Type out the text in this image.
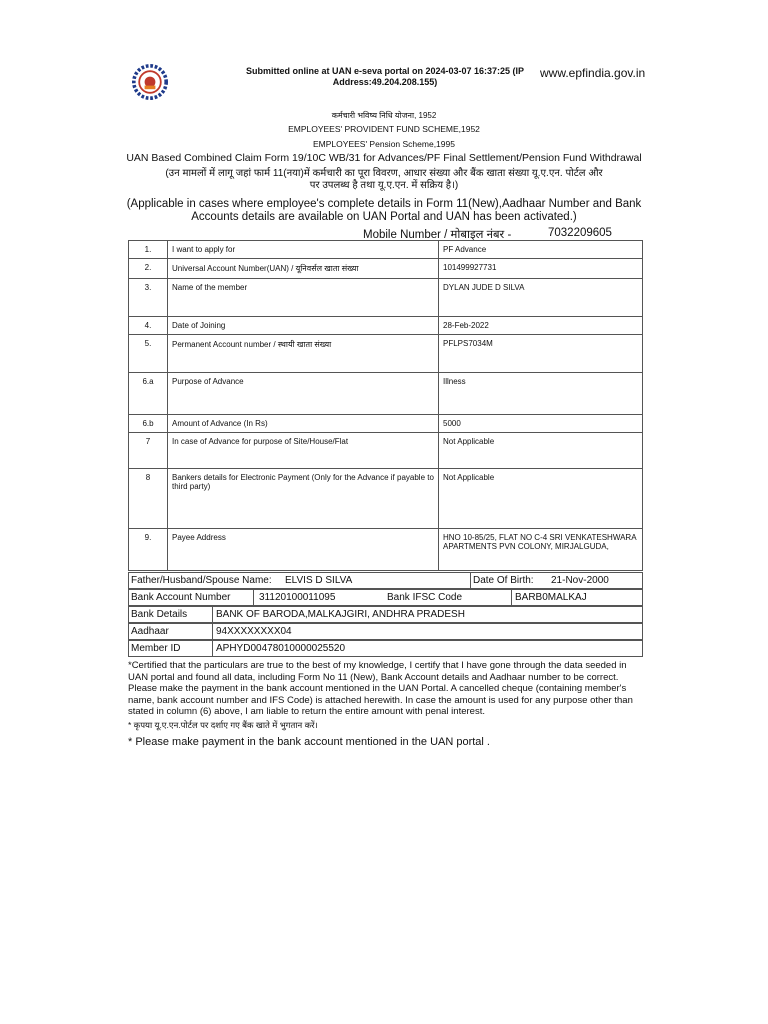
Submitted online at UAN e-seva portal on 2024-03-07 16:37:25 (IP Address:49.204.208.155)
www.epfindia.gov.in
कर्मचारी भविष्य निधि योजना, 1952
EMPLOYEES' PROVIDENT FUND SCHEME,1952
EMPLOYEES' Pension Scheme,1995
UAN Based Combined Claim Form 19/10C WB/31 for Advances/PF Final Settlement/Pension Fund Withdrawal
(उन मामलों में लागू जहां फार्म 11(नया)में कर्मचारी का पूरा विवरण, आधार संख्या और बैंक खाता संख्या यू.ए.एन. पोर्टल और पर उपलब्ध है तथा यू.ए.एन. में सक्रिय है।)
(Applicable in cases where employee's complete details in Form 11(New),Aadhaar Number and Bank Accounts details are available on UAN Portal and UAN has been activated.)
Mobile Number / मोबाइल नंबर -	7032209605
1.	I want to apply for	PF Advance
2.	Universal Account Number(UAN) / यूनिवर्सल खाता संख्या	101499927731
3.	Name of the member	DYLAN JUDE D SILVA
4.	Date of Joining	28-Feb-2022
5.	Permanent Account number / स्थायी खाता संख्या	PFLPS7034M
6.a	Purpose of Advance	Illness
6.b	Amount of Advance (In Rs)	5000
7	In case of Advance for purpose of Site/House/Flat	Not Applicable
8	Bankers details for Electronic Payment (Only for the Advance if payable to third party)	Not Applicable
9.	Payee Address	HNO 10-85/25, FLAT NO C-4 SRI VENKATESHWARA APARTMENTS PVN COLONY, MIRJALGUDA,
Father/Husband/Spouse Name: ELVIS D SILVA	Date Of Birth: 21-Nov-2000
Bank Account Number	31120100011095	Bank IFSC Code	BARB0MALKAJ
Bank Details	BANK OF BARODA,MALKAJGIRI, ANDHRA PRADESH
Aadhaar	94XXXXXXXX04
Member ID	APHYD00478010000025520
*Certified that the particulars are true to the best of my knowledge, I certify that I have gone through the data seeded in UAN portal and found all data, including Form No 11 (New), Bank Account details and Aadhaar number to be correct. Please make the payment in the bank account mentioned in the UAN Portal. A cancelled cheque (containing member's name, bank account number and IFS Code) is attached herewith. In case the amount is used for any purpose other than stated in column (6) above, I am liable to return the entire amount with penal interest.
* कृपया यू.ए.एन.पोर्टल पर दर्शाए गए बैंक खाते में भुगतान करें।
* Please make payment in the bank account mentioned in the UAN portal .
